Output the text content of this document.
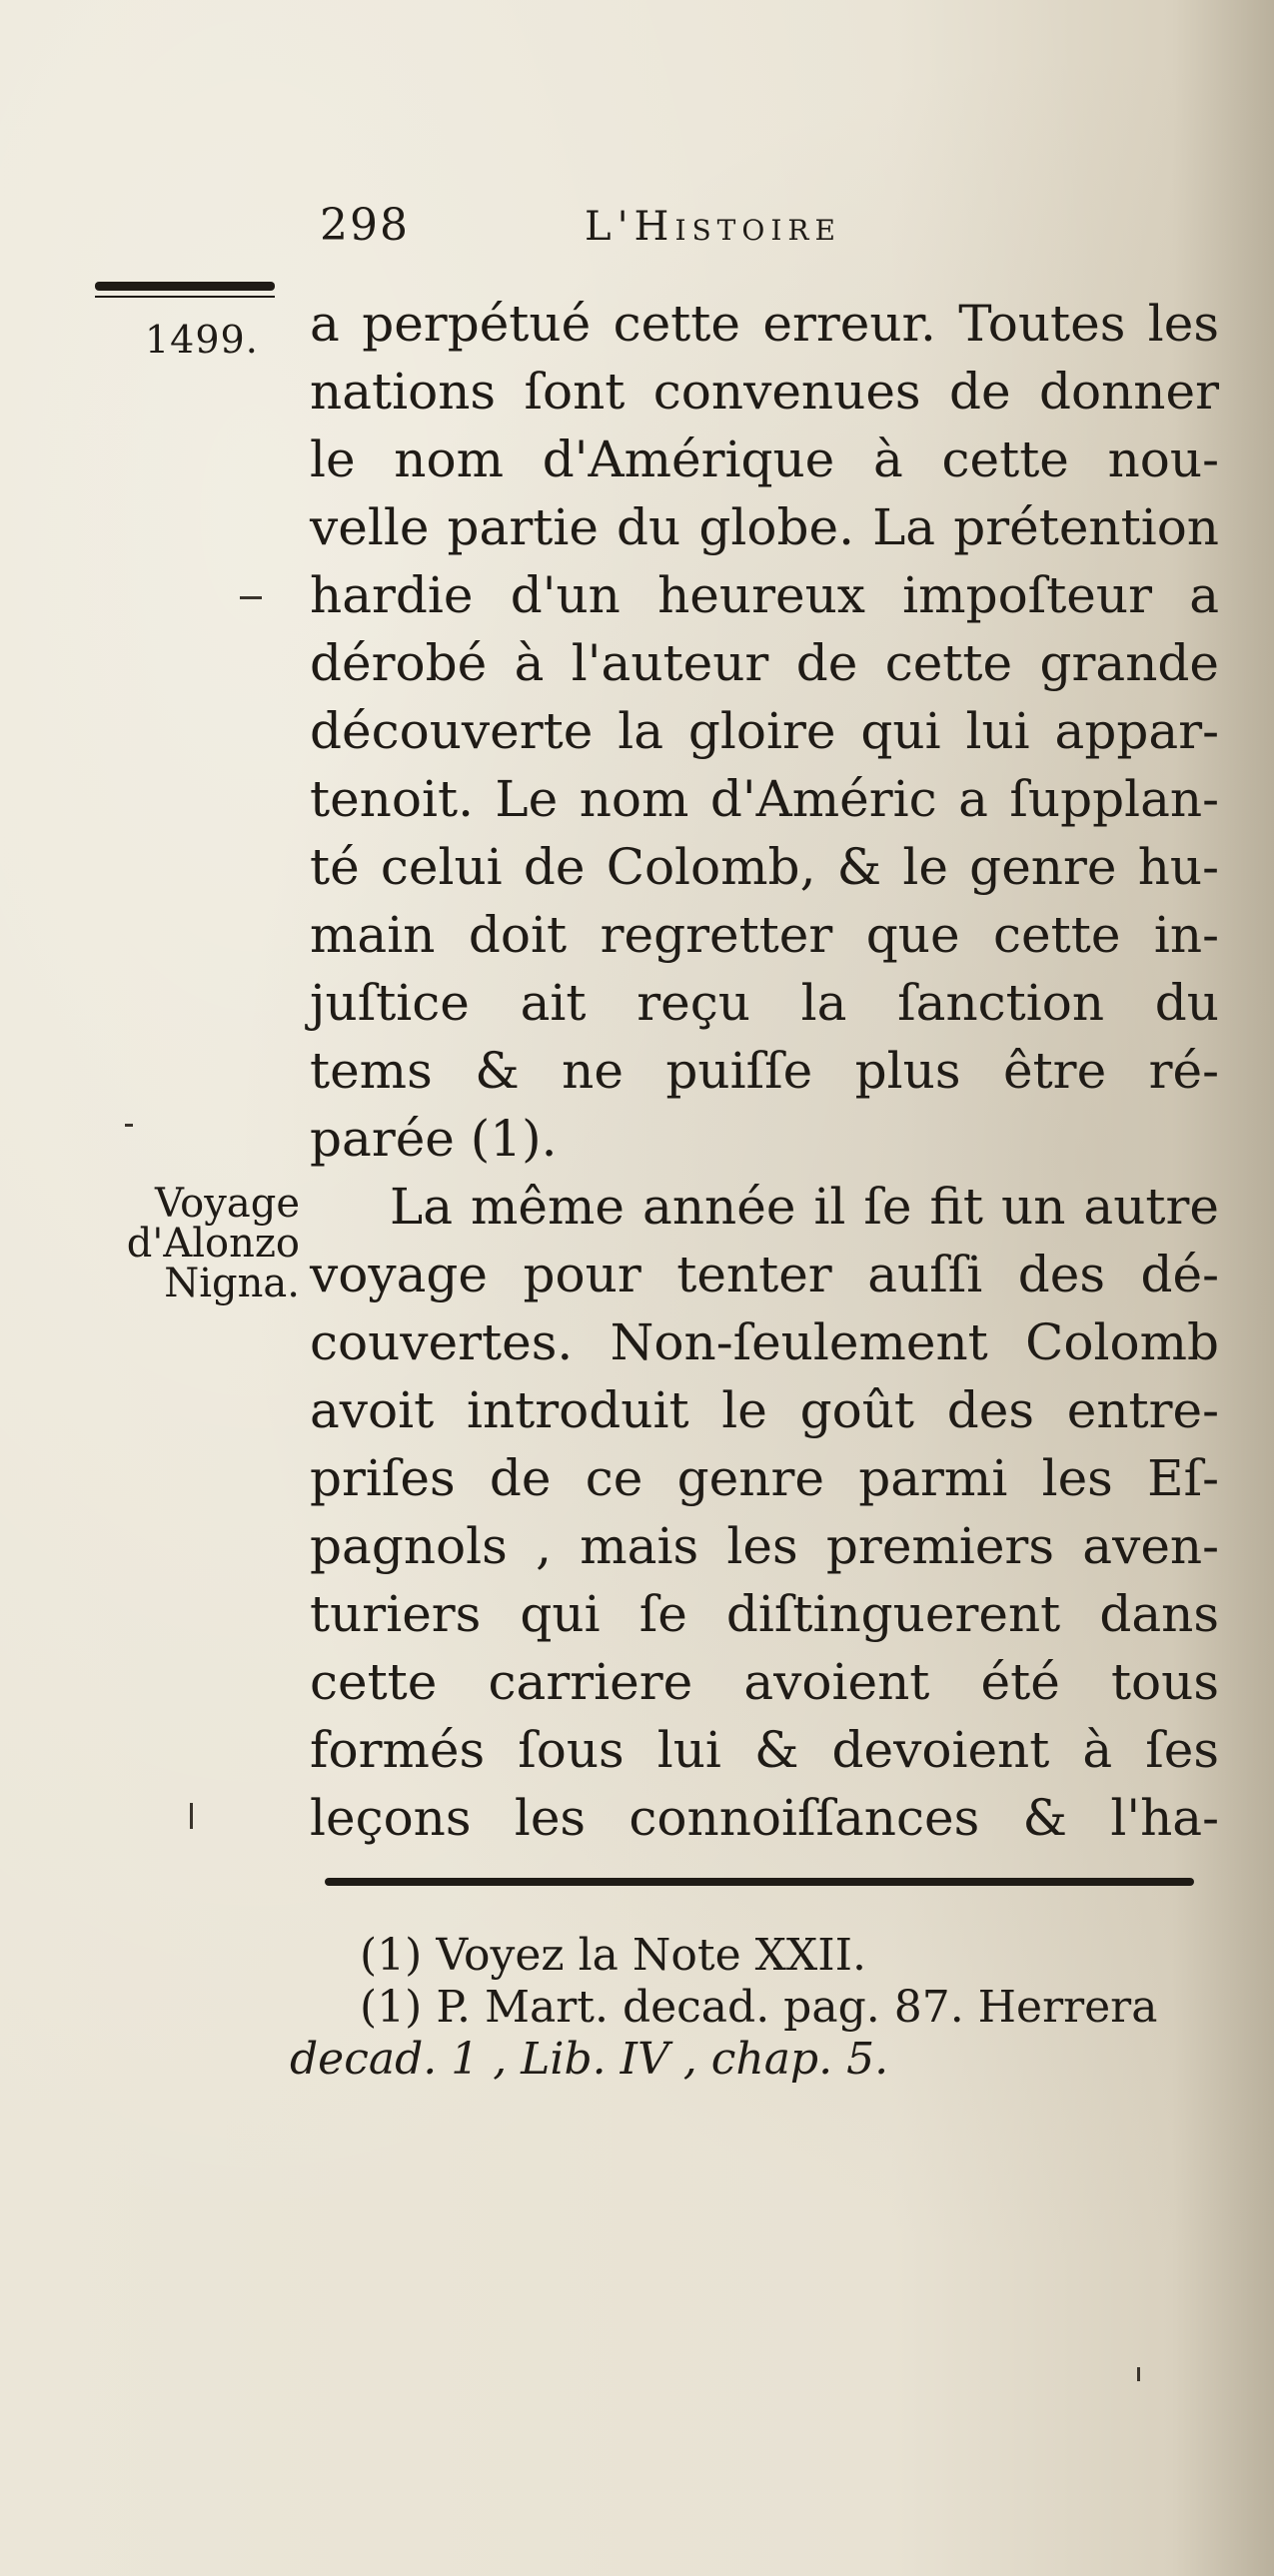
298	L'Histoire
1499. a perpétué cette erreur. Toutes les
nations ſont convenues de donner
le nom d'Amérique à cette nou-
velle partie du globe. La prétention
hardie d'un heureux impoſteur a
dérobé à l'auteur de cette grande
découverte la gloire qui lui appar-
tenoit. Le nom d'Améric a ſupplan-
té celui de Colomb, & le genre hu-
main doit regretter que cette in-
juſtice ait reçu la ſanction du
tems & ne puiſſe plus être ré-
parée (1).
La même année il ſe fit un autre
voyage pour tenter auſſi des dé-
couvertes. Non-ſeulement Colomb
avoit introduit le goût des entre-
priſes de ce genre parmi les Eſ-
pagnols , mais les premiers aven-
turiers qui ſe diſtinguerent dans
cette carriere avoient été tous
formés ſous lui & devoient à ſes
leçons les connoiſſances & l'ha-
Voyage
d'Alonzo
Nigna.
(1) Voyez la Note XXII.
(1) P. Mart. decad. pag. 87. Herrera
decad. 1 , Lib. IV , chap. 5.
